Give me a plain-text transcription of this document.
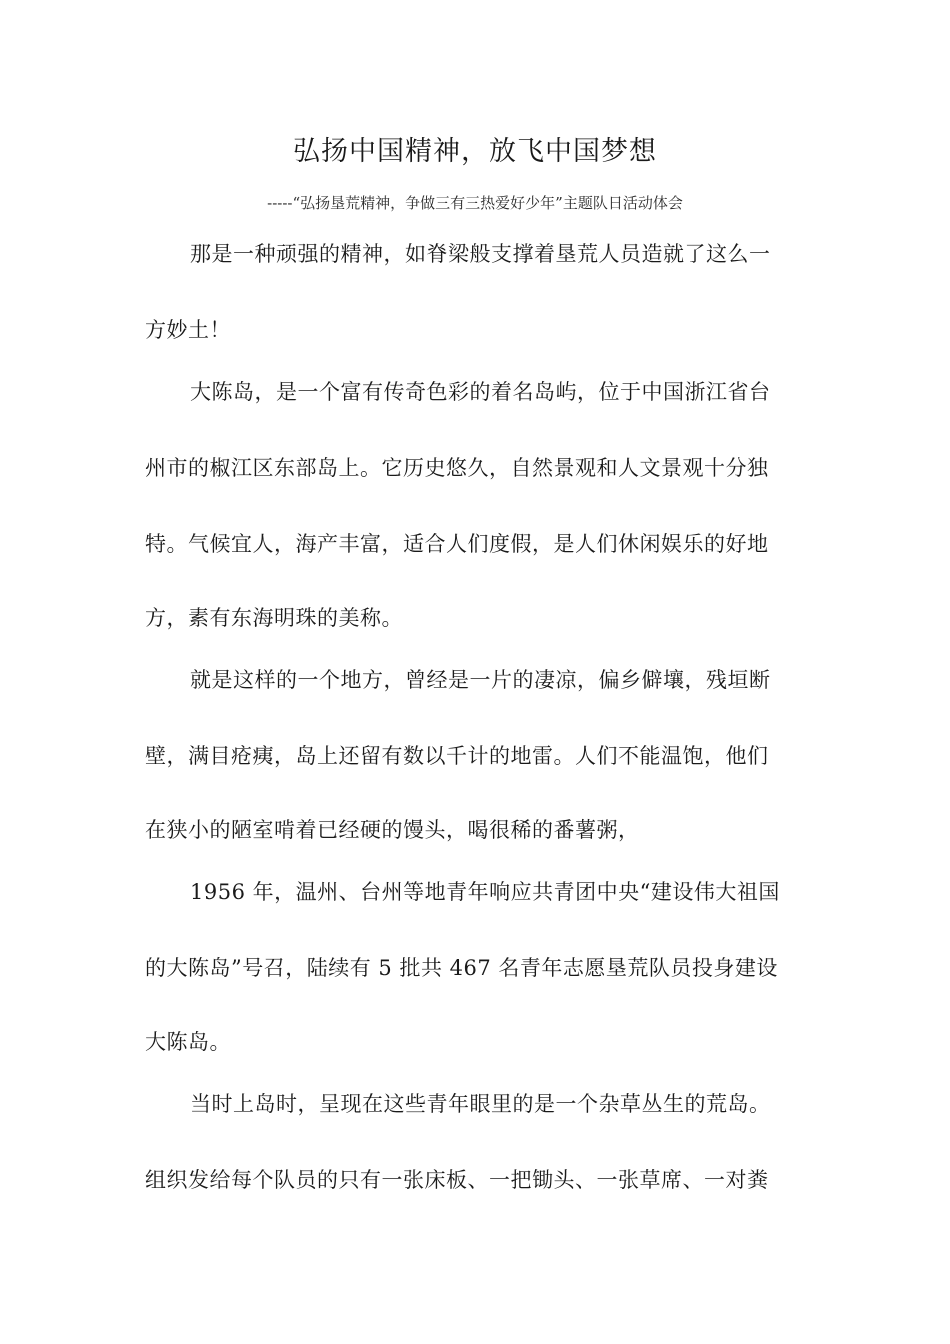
弘扬中国精神，放飞中国梦想
-----“弘扬垦荒精神，争做三有三热爱好少年”主题队日活动体会
那是一种顽强的精神，如脊梁般支撑着垦荒人员造就了这么一
方妙土！
大陈岛，是一个富有传奇色彩的着名岛屿，位于中国浙江省台
州市的椒江区东部岛上。它历史悠久，自然景观和人文景观十分独
特。气候宜人，海产丰富，适合人们度假，是人们休闲娱乐的好地
方，素有东海明珠的美称。
就是这样的一个地方，曾经是一片的凄凉，偏乡僻壤，残垣断
壁，满目疮痍，岛上还留有数以千计的地雷。人们不能温饱，他们
在狭小的陋室啃着已经硬的馒头，喝很稀的番薯粥，
1956 年，温州、台州等地青年响应共青团中央“建设伟大祖国
的大陈岛”号召，陆续有 5 批共 467 名青年志愿垦荒队员投身建设
大陈岛。
当时上岛时，呈现在这些青年眼里的是一个杂草丛生的荒岛。
组织发给每个队员的只有一张床板、一把锄头、一张草席、一对粪
